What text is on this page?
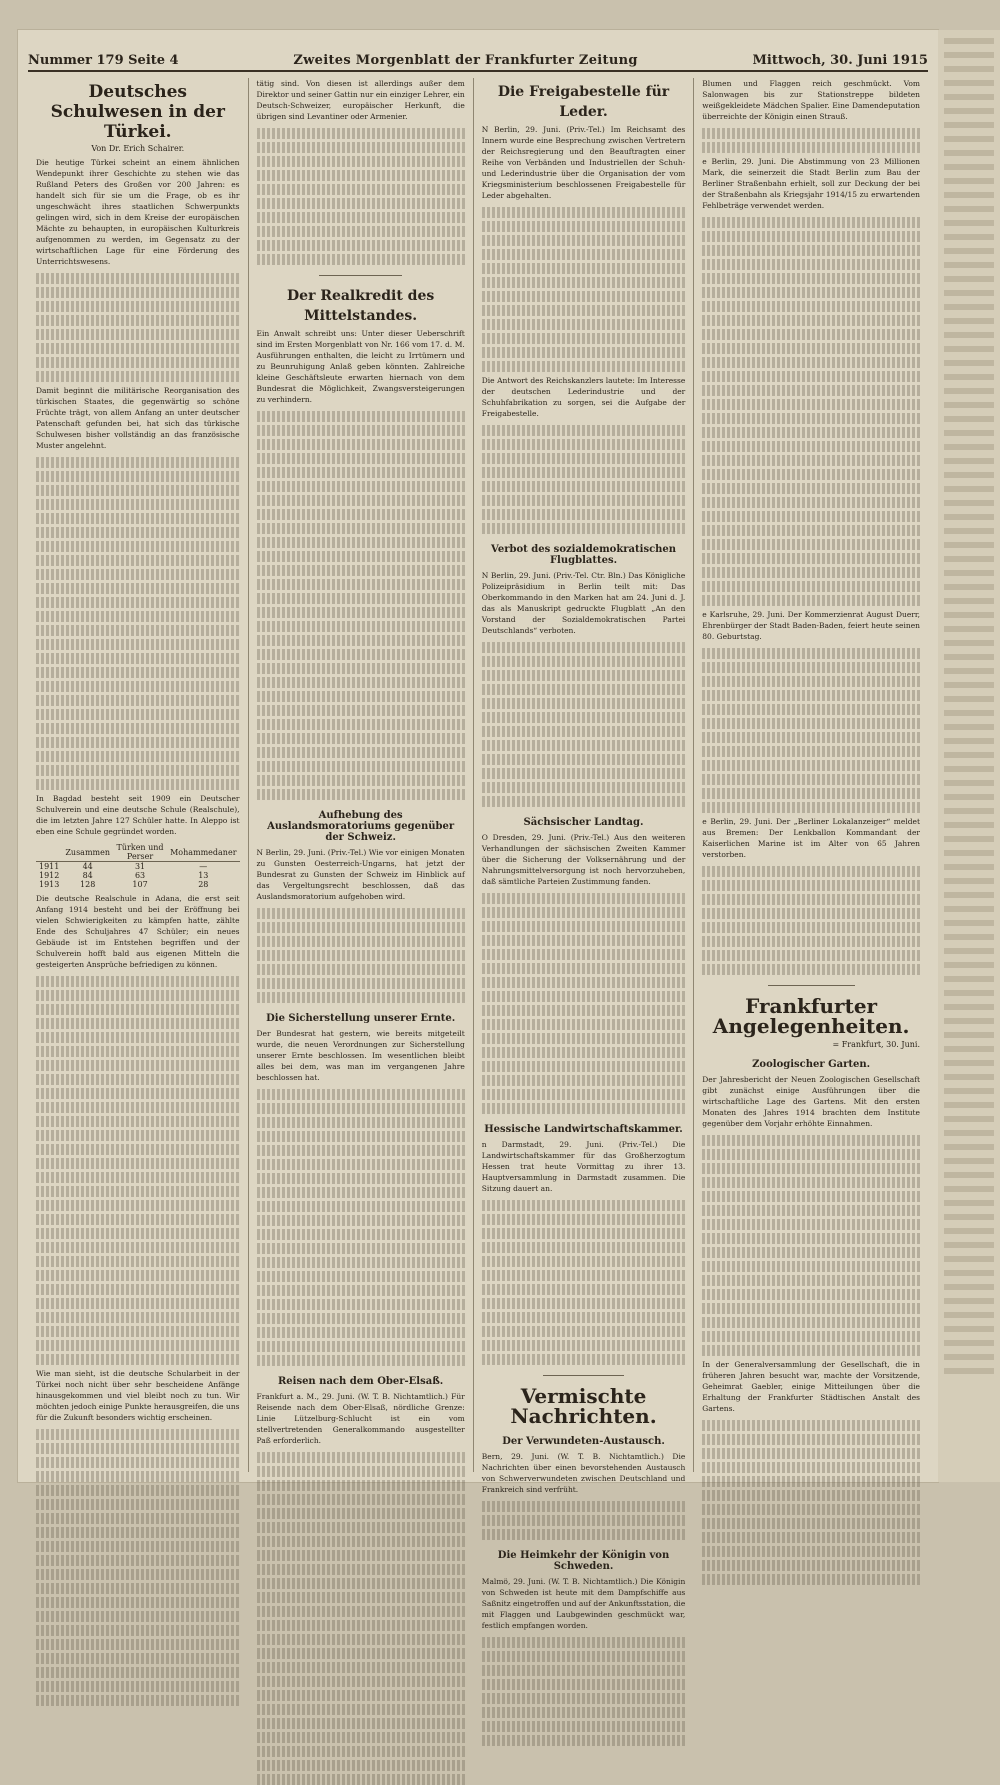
Nummer 179 Seite 4	Zweites Morgenblatt der Frankfurter Zeitung	Mittwoch, 30. Juni 1915
Deutsches Schulwesen in der Türkei.
Von Dr. Erich Schairer.

Die heutige Türkei scheint an einem ähnlichen Wendepunkt ihrer Geschichte zu stehen wie das Rußland Peters des Großen vor 200 Jahren: es handelt sich für sie um die Frage, ob es ihr ungeschwächt ihres staatlichen Schwerpunkts gelingen wird, sich in dem Kreise der europäischen Mächte zu behaupten, in europäischen Kulturkreis aufgenommen zu werden, im Gegensatz zu der wirtschaftlichen Lage für eine Förderung des Unterrichtswesens.

Damit beginnt die militärische Reorganisation des türkischen Staates, die gegenwärtig so schöne Früchte trägt, von allem Anfang an unter deutscher Patenschaft gefunden bei, hat sich das türkische Schulwesen bisher vollständig an das französische Muster angelehnt.

In Bagdad besteht seit 1909 ein Deutscher Schulverein und eine deutsche Schule (Realschule), die im letzten Jahre 127 Schüler hatte. In Aleppo ist eben eine Schule gegründet worden.

	Zusammen	Türken und Perser	Mohammedaner
1911	44	31	—
1912	84	63	13
1913	128	107	28

Die deutsche Realschule in Adana, die erst seit Anfang 1914 besteht und bei der Eröffnung bei vielen Schwierigkeiten zu kämpfen hatte, zählte Ende des Schuljahres 47 Schüler; ein neues Gebäude ist im Entstehen begriffen und der Schulverein hofft bald aus eigenen Mitteln die gesteigerten Ansprüche befriedigen zu können.

Wie man sieht, ist die deutsche Schularbeit in der Türkei noch nicht über sehr bescheidene Anfänge hinausgekommen und viel bleibt noch zu tun. Wir möchten jedoch einige Punkte herausgreifen, die uns für die Zukunft besonders wichtig erscheinen.

tätig sind. Von diesen ist allerdings außer dem Direktor und seiner Gattin nur ein einziger Lehrer, ein Deutsch-Schweizer, europäischer Herkunft, die übrigen sind Levantiner oder Armenier.

Der Realkredit des Mittelstandes.

Ein Anwalt schreibt uns: Unter dieser Ueberschrift sind im Ersten Morgenblatt von Nr. 166 vom 17. d. M. Ausführungen enthalten, die leicht zu Irrtümern und zu Beunruhigung Anlaß geben könnten. Zahlreiche kleine Geschäftsleute erwarten hiernach von dem Bundesrat die Möglichkeit, Zwangsversteigerungen zu verhindern.

Aufhebung des Auslandsmoratoriums gegenüber der Schweiz.

N Berlin, 29. Juni. (Priv.-Tel.) Wie vor einigen Monaten zu Gunsten Oesterreich-Ungarns, hat jetzt der Bundesrat zu Gunsten der Schweiz im Hinblick auf das Vergeltungsrecht beschlossen, daß das Auslandsmoratorium aufgehoben wird.

Die Sicherstellung unserer Ernte.

Der Bundesrat hat gestern, wie bereits mitgeteilt wurde, die neuen Verordnungen zur Sicherstellung unserer Ernte beschlossen. Im wesentlichen bleibt alles bei dem, was man im vergangenen Jahre beschlossen hat.

Reisen nach dem Ober-Elsaß.

Frankfurt a. M., 29. Juni. (W. T. B. Nichtamtlich.) Für Reisende nach dem Ober-Elsaß, nördliche Grenze: Linie Lützelburg-Schlucht ist ein vom stellvertretenden Generalkommando ausgestellter Paß erforderlich.

Die Freigabestelle für Leder.

N Berlin, 29. Juni. (Priv.-Tel.) Im Reichsamt des Innern wurde eine Besprechung zwischen Vertretern der Reichsregierung und den Beauftragten einer Reihe von Verbänden und Industriellen der Schuh- und Lederindustrie über die Organisation der vom Kriegsministerium beschlossenen Freigabestelle für Leder abgehalten.

Die Antwort des Reichskanzlers lautete: Im Interesse der deutschen Lederindustrie und der Schuhfabrikation zu sorgen, sei die Aufgabe der Freigabestelle.

Verbot des sozialdemokratischen Flugblattes.

N Berlin, 29. Juni. (Priv.-Tel. Ctr. Bln.) Das Königliche Polizeipräsidium in Berlin teilt mit: Das Oberkommando in den Marken hat am 24. Juni d. J. das als Manuskript gedruckte Flugblatt „An den Vorstand der Sozialdemokratischen Partei Deutschlands“ verboten.

Sächsischer Landtag.

O Dresden, 29. Juni. (Priv.-Tel.) Aus den weiteren Verhandlungen der sächsischen Zweiten Kammer über die Sicherung der Volksernährung und der Nahrungsmittelversorgung ist noch hervorzuheben, daß sämtliche Parteien Zustimmung fanden.

Hessische Landwirtschaftskammer.

n Darmstadt, 29. Juni. (Priv.-Tel.) Die Landwirtschaftskammer für das Großherzogtum Hessen trat heute Vormittag zu ihrer 13. Hauptversammlung in Darmstadt zusammen. Die Sitzung dauert an.

Vermischte Nachrichten.
Der Verwundeten-Austausch.

Bern, 29. Juni. (W. T. B. Nichtamtlich.) Die Nachrichten über einen bevorstehenden Austausch von Schwerverwundeten zwischen Deutschland und Frankreich sind verfrüht.

Die Heimkehr der Königin von Schweden.

Malmö, 29. Juni. (W. T. B. Nichtamtlich.) Die Königin von Schweden ist heute mit dem Dampfschiffe aus Saßnitz eingetroffen und auf der Ankunftsstation, die mit Flaggen und Laubgewinden geschmückt war, festlich empfangen worden.

Blumen und Flaggen reich geschmückt. Vom Salonwagen bis zur Stationstreppe bildeten weißgekleidete Mädchen Spalier. Eine Damendeputation überreichte der Königin einen Strauß.

e Berlin, 29. Juni. Die Abstimmung von 23 Millionen Mark, die seinerzeit die Stadt Berlin zum Bau der Berliner Straßenbahn erhielt, soll zur Deckung der bei der Straßenbahn als Kriegsjahr 1914/15 zu erwartenden Fehlbeträge verwendet werden.

e Karlsruhe, 29. Juni. Der Kommerzienrat August Duerr, Ehrenbürger der Stadt Baden-Baden, feiert heute seinen 80. Geburtstag.

e Berlin, 29. Juni. Der „Berliner Lokalanzeiger“ meldet aus Bremen: Der Lenkballon Kommandant der Kaiserlichen Marine ist im Alter von 65 Jahren verstorben.

Frankfurter Angelegenheiten.
= Frankfurt, 30. Juni.
Zoologischer Garten.

Der Jahresbericht der Neuen Zoologischen Gesellschaft gibt zunächst einige Ausführungen über die wirtschaftliche Lage des Gartens. Mit den ersten Monaten des Jahres 1914 brachten dem Institute gegenüber dem Vorjahr erhöhte Einnahmen.

In der Generalversammlung der Gesellschaft, die in früheren Jahren besucht war, machte der Vorsitzende, Geheimrat Gaebler, einige Mitteilungen über die Erhaltung der Frankfurter Städtischen Anstalt des Gartens.
